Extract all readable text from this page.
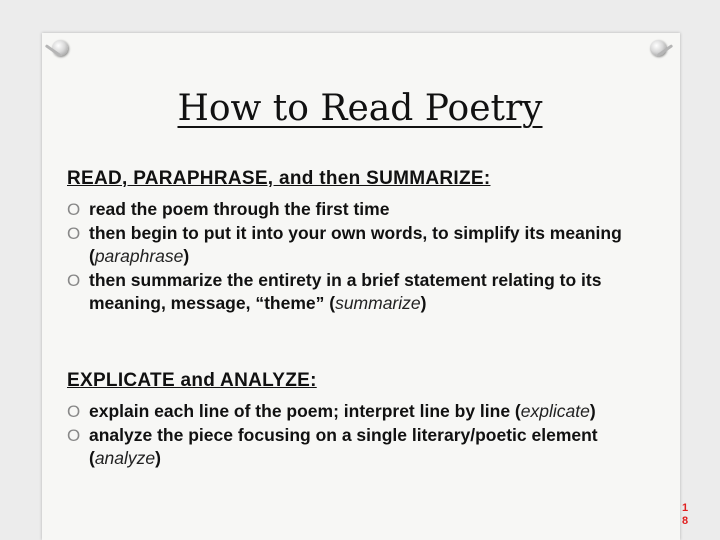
How to Read Poetry
READ, PARAPHRASE, and then SUMMARIZE:
O read the poem through the first time
O then begin to put it into your own words, to simplify its meaning (paraphrase)
O then summarize the entirety in a brief statement relating to its meaning, message, “theme” (summarize)
EXPLICATE and ANALYZE:
O explain each line of the poem; interpret line by line (explicate)
O analyze the piece focusing on a single literary/poetic element (analyze)
1
8
